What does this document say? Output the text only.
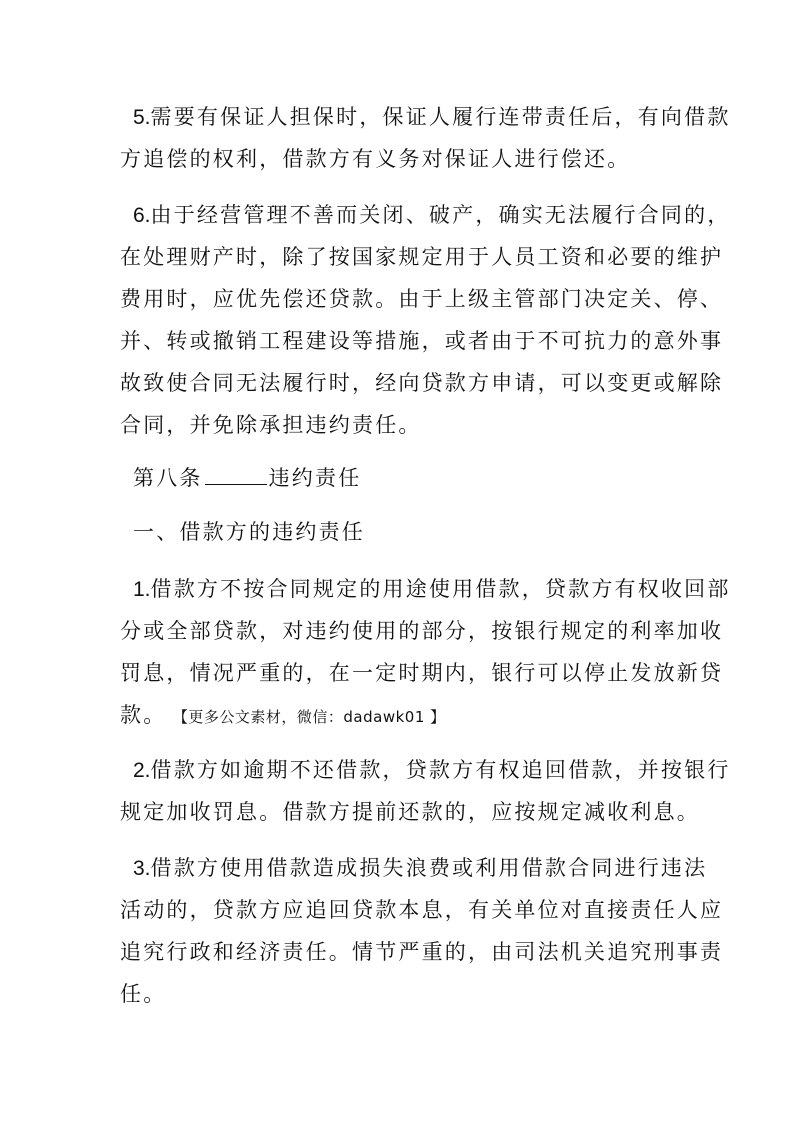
5.需要有保证人担保时，保证人履行连带责任后，有向借款
方追偿的权利，借款方有义务对保证人进行偿还。
6.由于经营管理不善而关闭、破产，确实无法履行合同的，
在处理财产时，除了按国家规定用于人员工资和必要的维护
费用时，应优先偿还贷款。由于上级主管部门决定关、停、
并、转或撤销工程建设等措施，或者由于不可抗力的意外事
故致使合同无法履行时，经向贷款方申请，可以变更或解除
合同，并免除承担违约责任。
第八条	违约责任
一、借款方的违约责任
1.借款方不按合同规定的用途使用借款，贷款方有权收回部
分或全部贷款，对违约使用的部分，按银行规定的利率加收
罚息，情况严重的，在一定时期内，银行可以停止发放新贷
款。 【更多公文素材，微信：dadawk01 】
2.借款方如逾期不还借款，贷款方有权追回借款，并按银行
规定加收罚息。借款方提前还款的，应按规定减收利息。
3.借款方使用借款造成损失浪费或利用借款合同进行违法
活动的，贷款方应追回贷款本息，有关单位对直接责任人应
追究行政和经济责任。情节严重的，由司法机关追究刑事责
任。
